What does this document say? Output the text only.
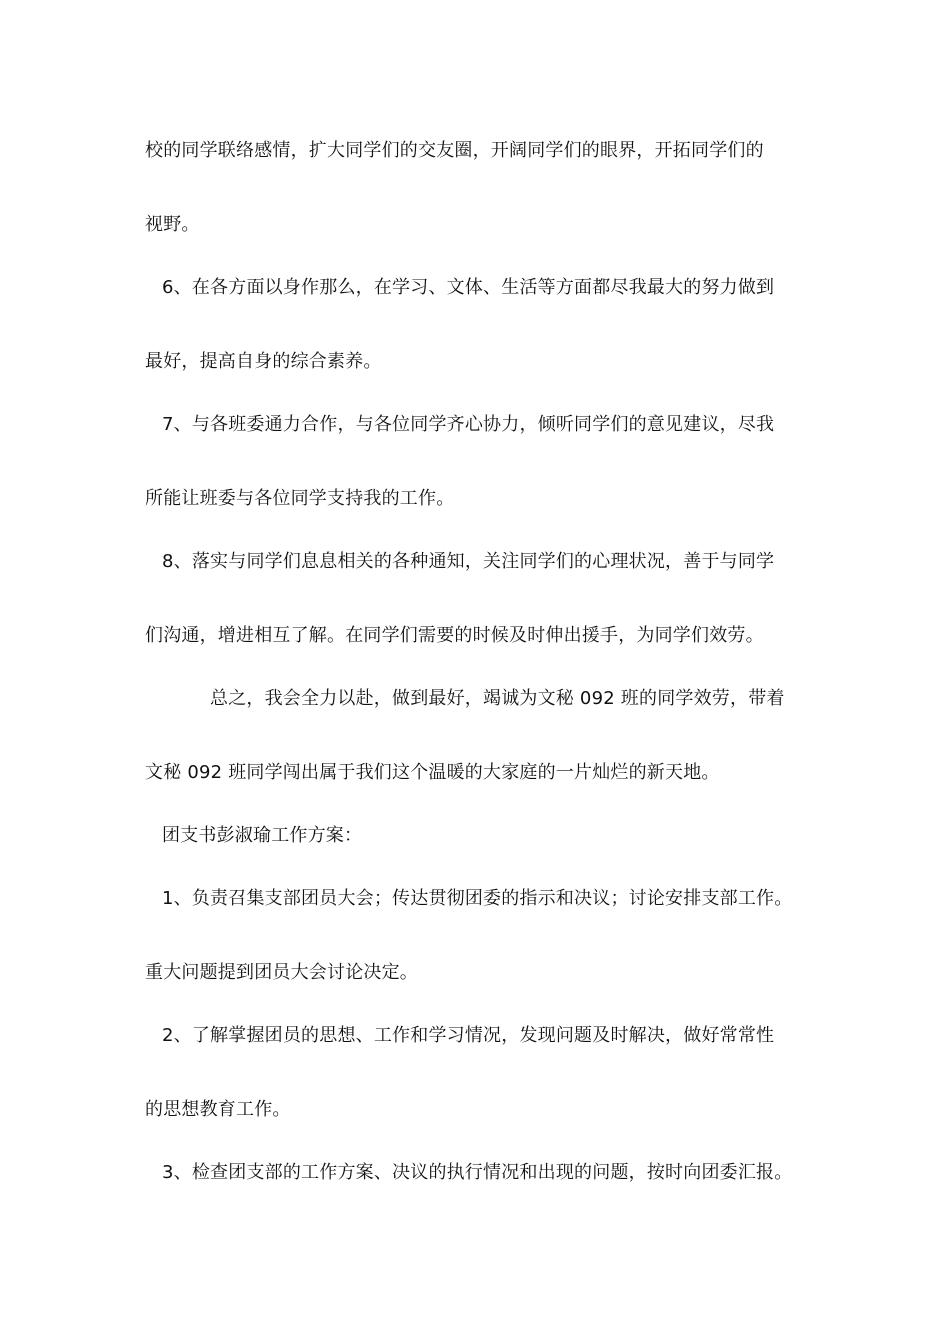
校的同学联络感情，扩大同学们的交友圈，开阔同学们的眼界，开拓同学们的
视野。
6、在各方面以身作那么，在学习、文体、生活等方面都尽我最大的努力做到
最好，提高自身的综合素养。
7、与各班委通力合作，与各位同学齐心协力，倾听同学们的意见建议，尽我
所能让班委与各位同学支持我的工作。
8、落实与同学们息息相关的各种通知，关注同学们的心理状况，善于与同学
们沟通，增进相互了解。在同学们需要的时候及时伸出援手，为同学们效劳。
总之，我会全力以赴，做到最好，竭诚为文秘 092 班的同学效劳，带着
文秘 092 班同学闯出属于我们这个温暖的大家庭的一片灿烂的新天地。
团支书彭淑瑜工作方案：
1、负责召集支部团员大会；传达贯彻团委的指示和决议；讨论安排支部工作。
重大问题提到团员大会讨论决定。
2、了解掌握团员的思想、工作和学习情况，发现问题及时解决，做好常常性
的思想教育工作。
3、检查团支部的工作方案、决议的执行情况和出现的问题，按时向团委汇报。
